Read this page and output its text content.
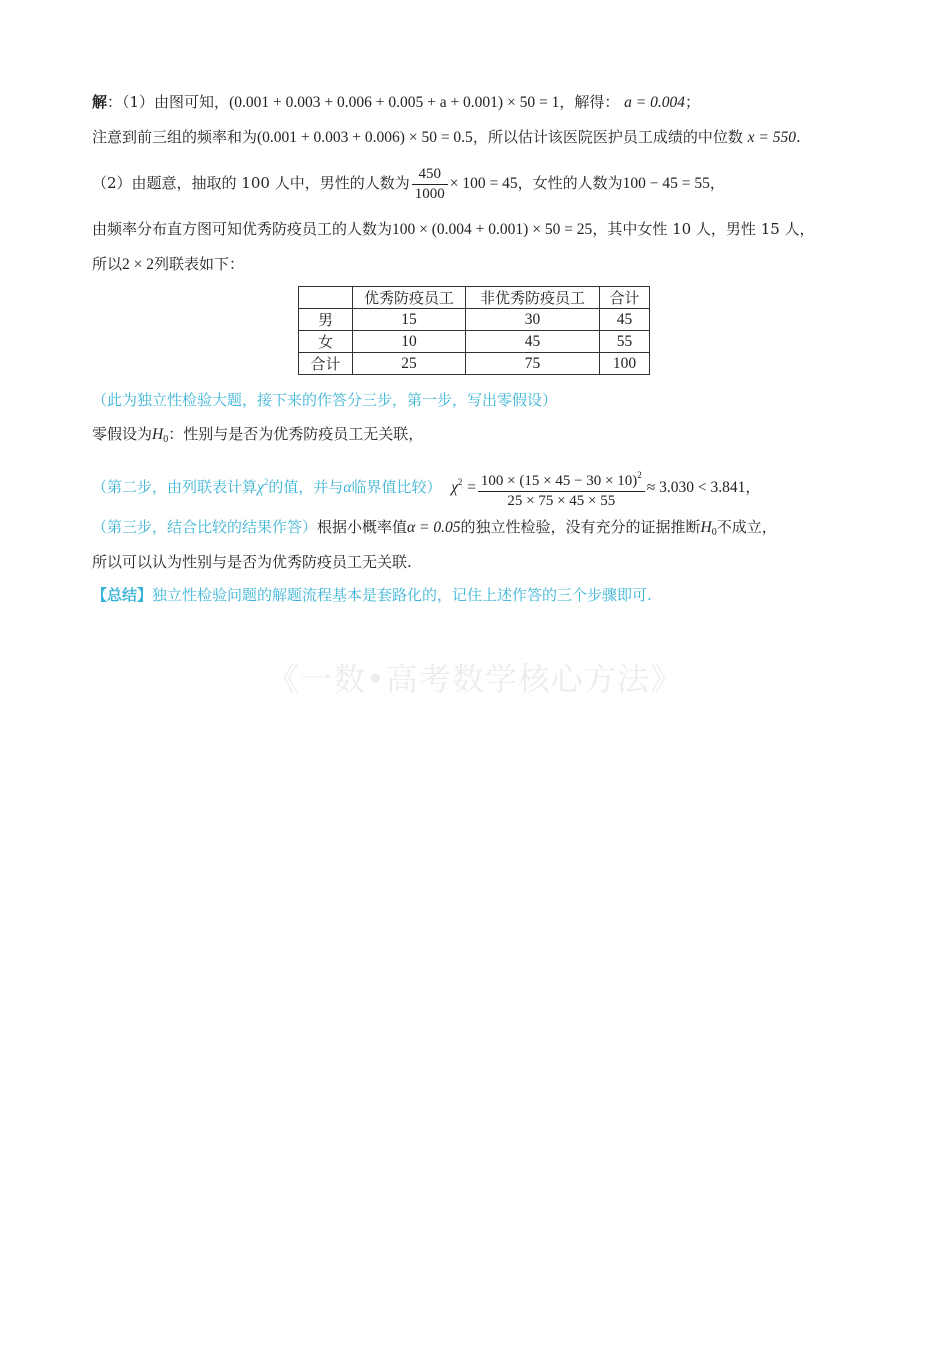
解：（1）由图可知，(0.001 + 0.003 + 0.006 + 0.005 + a + 0.001) × 50 = 1，解得： a = 0.004；
注意到前三组的频率和为(0.001 + 0.003 + 0.006) × 50 = 0.5，所以估计该医院医护员工成绩的中位数 x = 550.
（2）由题意，抽取的 100 人中，男性的人数为 $\frac{450}{1000} \times 100 = 45$，女性的人数为100 − 45 = 55，
由频率分布直方图可知优秀防疫员工的人数为100 × (0.004 + 0.001) × 50 = 25，其中女性 10 人，男性 15 人，
所以2 × 2列联表如下：
	优秀防疫员工	非优秀防疫员工	合计
男	15	30	45
女	10	45	55
合计	25	75	100
（此为独立性检验大题，接下来的作答分三步，第一步，写出零假设）
零假设为$H_0$：性别与是否为优秀防疫员工无关联，
（第二步，由列联表计算$\chi^2$的值，并与α临界值比较） $\chi^2 = \frac{100 \times (15 \times 45 - 30 \times 10)^2}{25 \times 75 \times 45 \times 55} \approx 3.030 < 3.841$，
（第三步，结合比较的结果作答）根据小概率值α = 0.05的独立性检验，没有充分的证据推断$H_0$不成立，
所以可以认为性别与是否为优秀防疫员工无关联.
【总结】独立性检验问题的解题流程基本是套路化的，记住上述作答的三个步骤即可.
《一数•高考数学核心方法》
